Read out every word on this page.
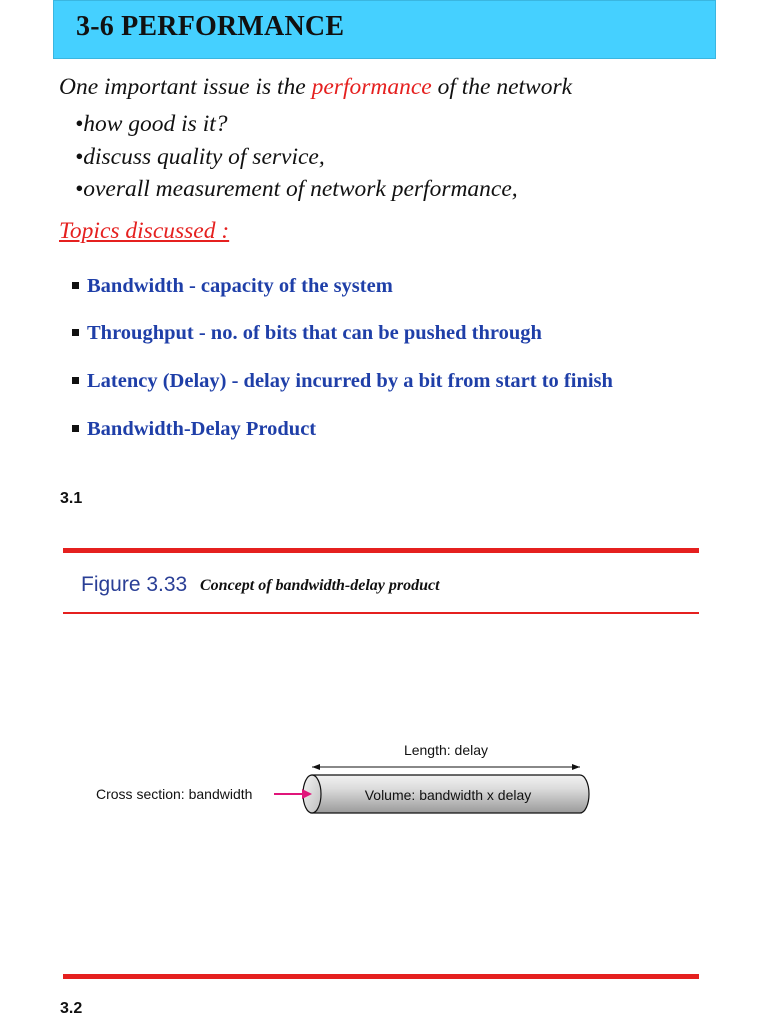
3-6 PERFORMANCE
One important issue is the performance of the network
•how good is it?
•discuss quality of service,
•overall measurement of network performance,
Topics discussed :
Bandwidth - capacity of the system
Throughput - no. of bits that can be pushed through
Latency (Delay) - delay incurred by a bit from start to finish
Bandwidth-Delay Product
3.1
Figure 3.33 Concept of bandwidth-delay product
Length: delay
Volume: bandwidth x delay
Cross section: bandwidth
3.2
